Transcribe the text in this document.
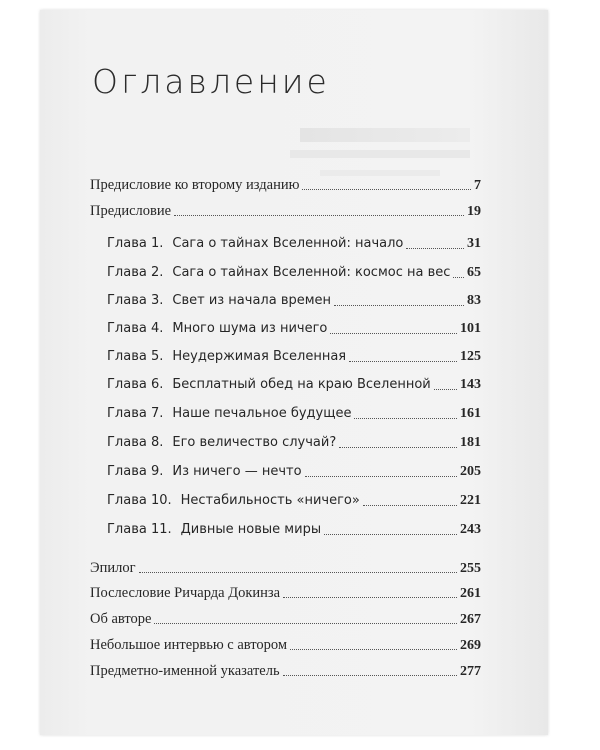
Оглавление
Предисловие ко второму изданию	7
Предисловие	19
Глава 1. Сага о тайнах Вселенной: начало	31
Глава 2. Сага о тайнах Вселенной: космос на вес 65
Глава 3. Свет из начала времен	83
Глава 4. Много шума из ничего	101
Глава 5. Неудержимая Вселенная	125
Глава 6. Бесплатный обед на краю Вселенной 143
Глава 7. Наше печальное будущее	161
Глава 8. Его величество случай?	181
Глава 9. Из ничего — нечто	205
Глава 10. Нестабильность «ничего»	221
Глава 11. Дивные новые миры	243
Эпилог	255
Послесловие Ричарда Докинза	261
Об авторе	267
Небольшое интервью с автором	269
Предметно-именной указатель	277
